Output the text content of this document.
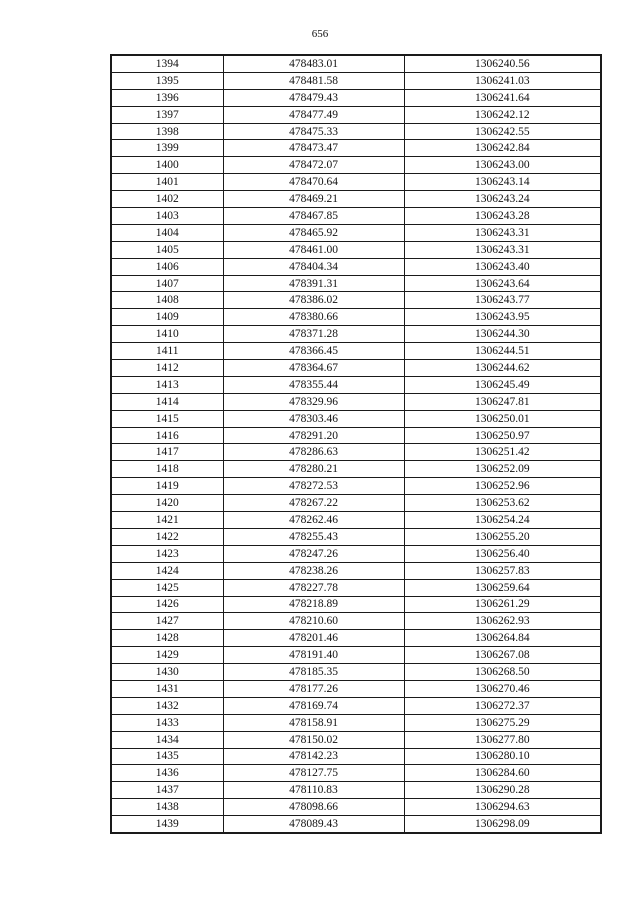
656
1394	478483.01	1306240.56
1395	478481.58	1306241.03
1396	478479.43	1306241.64
1397	478477.49	1306242.12
1398	478475.33	1306242.55
1399	478473.47	1306242.84
1400	478472.07	1306243.00
1401	478470.64	1306243.14
1402	478469.21	1306243.24
1403	478467.85	1306243.28
1404	478465.92	1306243.31
1405	478461.00	1306243.31
1406	478404.34	1306243.40
1407	478391.31	1306243.64
1408	478386.02	1306243.77
1409	478380.66	1306243.95
1410	478371.28	1306244.30
1411	478366.45	1306244.51
1412	478364.67	1306244.62
1413	478355.44	1306245.49
1414	478329.96	1306247.81
1415	478303.46	1306250.01
1416	478291.20	1306250.97
1417	478286.63	1306251.42
1418	478280.21	1306252.09
1419	478272.53	1306252.96
1420	478267.22	1306253.62
1421	478262.46	1306254.24
1422	478255.43	1306255.20
1423	478247.26	1306256.40
1424	478238.26	1306257.83
1425	478227.78	1306259.64
1426	478218.89	1306261.29
1427	478210.60	1306262.93
1428	478201.46	1306264.84
1429	478191.40	1306267.08
1430	478185.35	1306268.50
1431	478177.26	1306270.46
1432	478169.74	1306272.37
1433	478158.91	1306275.29
1434	478150.02	1306277.80
1435	478142.23	1306280.10
1436	478127.75	1306284.60
1437	478110.83	1306290.28
1438	478098.66	1306294.63
1439	478089.43	1306298.09
